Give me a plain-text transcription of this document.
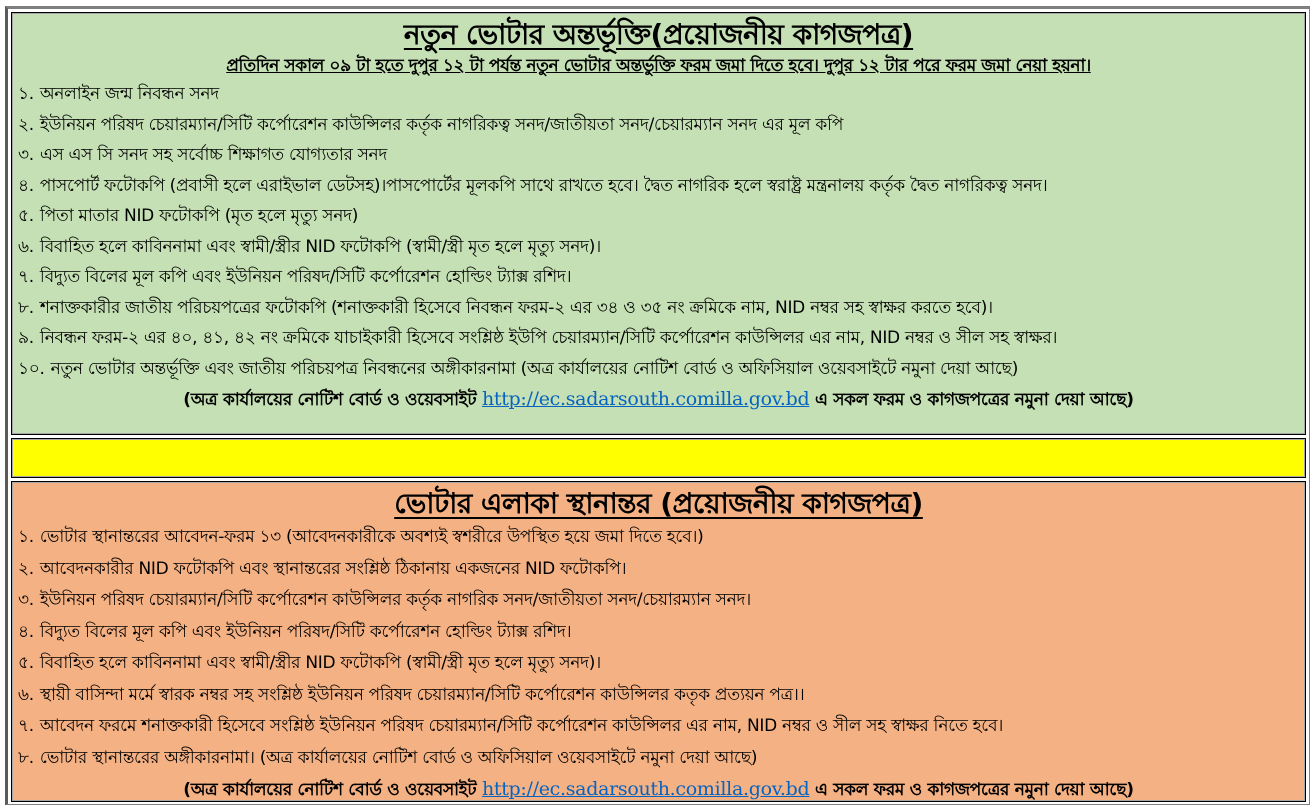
নতুন ভোটার অন্তর্ভূক্তি(প্রয়োজনীয় কাগজপত্র)
প্রতিদিন সকাল ০৯ টা হতে দুপুর ১২ টা পর্যন্ত নতুন ভোটার অন্তর্ভুক্তি ফরম জমা দিতে হবে। দুপুর ১২ টার পরে ফরম জমা নেয়া হয়না।
১. অনলাইন জন্ম নিবন্ধন সনদ
২. ইউনিয়ন পরিষদ চেয়ারম্যান/সিটি কর্পোরেশন কাউন্সিলর কর্তৃক নাগরিকত্ব সনদ/জাতীয়তা সনদ/চেয়ারম্যান সনদ এর মূল কপি
৩. এস এস সি সনদ সহ সর্বোচ্চ শিক্ষাগত যোগ্যতার সনদ
৪. পাসপোর্ট ফটোকপি (প্রবাসী হলে এরাইভাল ডেটসহ)।পাসপোর্টের মূলকপি সাথে রাখতে হবে। দ্বৈত নাগরিক হলে স্বরাষ্ট্র মন্ত্রনালয় কর্তৃক দ্বৈত নাগরিকত্ব সনদ।
৫. পিতা মাতার NID ফটোকপি (মৃত হলে মৃত্যু সনদ)
৬. বিবাহিত হলে কাবিননামা এবং স্বামী/স্ত্রীর NID ফটোকপি (স্বামী/স্ত্রী মৃত হলে মৃত্যু সনদ)।
৭. বিদ্যুত বিলের মূল কপি এবং ইউনিয়ন পরিষদ/সিটি কর্পোরেশন হোল্ডিং ট্যাক্স রশিদ।
৮. শনাক্তকারীর জাতীয় পরিচয়পত্রের ফটোকপি (শনাক্তকারী হিসেবে নিবন্ধন ফরম-২ এর ৩৪ ও ৩৫ নং ক্রমিকে নাম, NID নম্বর সহ স্বাক্ষর করতে হবে)।
৯. নিবন্ধন ফরম-২ এর ৪০, ৪১, ৪২ নং ক্রমিকে যাচাইকারী হিসেবে সংশ্লিষ্ঠ ইউপি চেয়ারম্যান/সিটি কর্পোরেশন কাউন্সিলর এর নাম, NID নম্বর ও সীল সহ স্বাক্ষর।
১০. নতুন ভোটার অন্তর্ভূক্তি এবং জাতীয় পরিচয়পত্র নিবন্ধনের অঙ্গীকারনামা (অত্র কার্যালয়ের নোটিশ বোর্ড ও অফিসিয়াল ওয়েবসাইটে নমুনা দেয়া আছে)
(অত্র কার্যালয়ের নোটিশ বোর্ড ও ওয়েবসাইট http://ec.sadarsouth.comilla.gov.bd এ সকল ফরম ও কাগজপত্রের নমুনা দেয়া আছে)
ভোটার এলাকা স্থানান্তর (প্রয়োজনীয় কাগজপত্র)
১. ভোটার স্থানান্তরের আবেদন-ফরম ১৩ (আবেদনকারীকে অবশ্যই স্বশরীরে উপস্থিত হয়ে জমা দিতে হবে।)
২. আবেদনকারীর NID ফটোকপি এবং স্থানান্তরের সংশ্লিষ্ঠ ঠিকানায় একজনের NID ফটোকপি।
৩. ইউনিয়ন পরিষদ চেয়ারম্যান/সিটি কর্পোরেশন কাউন্সিলর কর্তৃক নাগরিক সনদ/জাতীয়তা সনদ/চেয়ারম্যান সনদ।
৪. বিদ্যুত বিলের মূল কপি এবং ইউনিয়ন পরিষদ/সিটি কর্পোরেশন হোল্ডিং ট্যাক্স রশিদ।
৫. বিবাহিত হলে কাবিননামা এবং স্বামী/স্ত্রীর NID ফটোকপি (স্বামী/স্ত্রী মৃত হলে মৃত্যু সনদ)।
৬. স্থায়ী বাসিন্দা মর্মে স্বারক নম্বর সহ সংশ্লিষ্ঠ ইউনিয়ন পরিষদ চেয়ারম্যান/সিটি কর্পোরেশন কাউন্সিলর কতৃক প্রত্যয়ন পত্র।।
৭. আবেদন ফরমে শনাক্তকারী হিসেবে সংশ্লিষ্ঠ ইউনিয়ন পরিষদ চেয়ারম্যান/সিটি কর্পোরেশন কাউন্সিলর এর নাম, NID নম্বর ও সীল সহ স্বাক্ষর নিতে হবে।
৮. ভোটার স্থানান্তরের অঙ্গীকারনামা। (অত্র কার্যালয়ের নোটিশ বোর্ড ও অফিসিয়াল ওয়েবসাইটে নমুনা দেয়া আছে)
(অত্র কার্যালয়ের নোটিশ বোর্ড ও ওয়েবসাইট http://ec.sadarsouth.comilla.gov.bd এ সকল ফরম ও কাগজপত্রের নমুনা দেয়া আছে)
